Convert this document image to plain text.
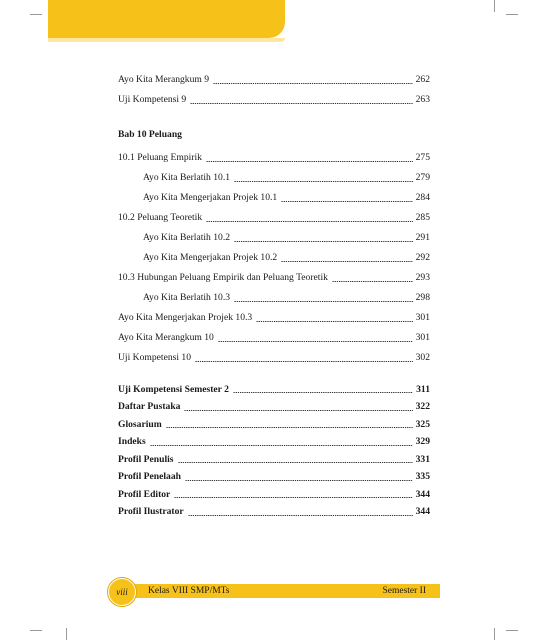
Ayo Kita Merangkum 9	262
Uji Kompetensi 9	263
Bab 10 Peluang
10.1 Peluang Empirik	275
Ayo Kita Berlatih 10.1	279
Ayo Kita Mengerjakan Projek 10.1	284
10.2 Peluang Teoretik	285
Ayo Kita Berlatih 10.2	291
Ayo Kita Mengerjakan Projek 10.2	292
10.3 Hubungan Peluang Empirik dan Peluang Teoretik	293
Ayo Kita Berlatih 10.3	298
Ayo Kita Mengerjakan Projek 10.3	301
Ayo Kita Merangkum 10	301
Uji Kompetensi 10	302
Uji Kompetensi Semester 2	311
Daftar Pustaka	322
Glosarium	325
Indeks	329
Profil Penulis	331
Profil Penelaah	335
Profil Editor	344
Profil Ilustrator	344
viii	Kelas VIII SMP/MTs	Semester II
